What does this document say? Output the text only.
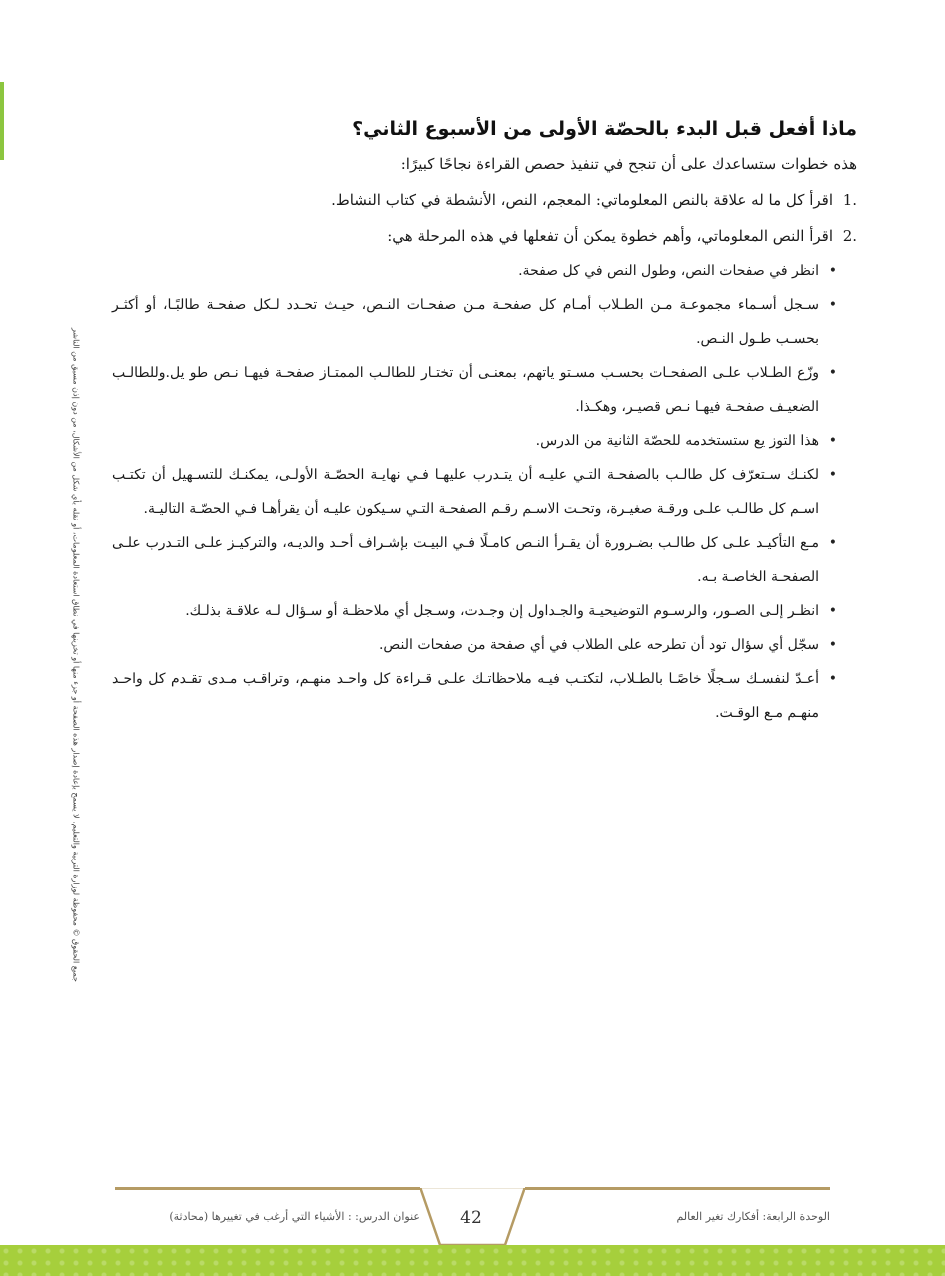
جميع الحقوق © محفوظة لوزارة التربية والتعليم. لا يسمح بإعادة إصدار هذه الصفحة أو جزء منها أو تخزينها في نطاق استعادة المعلومات، أو نقله بأي شكل من الأشكال، من دون إذن مسبق من الناشر
ماذا أفعل قبل البدء بالحصّة الأولى من الأسبوع الثاني؟

هذه خطوات ستساعدك على أن تنجح في تنفيذ حصص القراءة نجاحًا كبيرًا:

1.
اقرأ كل ما له علاقة بالنص المعلوماتي: المعجم، النص، الأنشطة في كتاب النشاط.
2.
اقرأ النص المعلوماتي، وأهم خطوة يمكن أن تفعلها في هذه المرحلة هي:
• انظر في صفحات النص، وطول النص في كل صفحة.
• سـجل أسـماء مجموعـة مـن الطـلاب أمـام كل صفحـة مـن صفحـات النـص، حيـث تحـدد لـكل صفحـة طالبًـا، أو أكثـر بحسـب طـول النـص.
• وزّع الطـلاب علـى الصفحـات بحسـب مسـتو ياتهم، بمعنـى أن تختـار للطالـب الممتـاز صفحـة فيهـا نـص طو يل.وللطالـب الضعيـف صفحـة فيهـا نـص قصيـر، وهكـذا.
• هذا التوز يع ستستخدمه للحصّة الثانية من الدرس.
• لكنـك سـتعرّف كل طالـب بالصفحـة التـي عليـه أن يتـدرب عليهـا فـي نهايـة الحصّـة الأولـى، يمكنـك للتسـهيل أن تكتـب اسـم كل طالـب علـى ورقـة صغيـرة، وتحـت الاسـم رقـم الصفحـة التـي سـيكون عليـه أن يقرأهـا فـي الحصّـة التاليـة.
• مـع التأكيـد علـى كل طالـب بضـرورة أن يقـرأ النـص كامـلًا فـي البيـت بإشـراف أحـد والديـه، والتركيـز علـى التـدرب علـى الصفحـة الخاصـة بـه.
• انظـر إلـى الصـور، والرسـوم التوضيحيـة والجـداول إن وجـدت، وسـجل أي ملاحظـة أو سـؤال لـه علاقـة بذلـك.
• سجّل أي سؤال تود أن تطرحه على الطلاب في أي صفحة من صفحات النص.
• أعـدّ لنفسـك سـجلًا خاصًـا بالطـلاب، لتكتـب فيـه ملاحظاتـك علـى قـراءة كل واحـد منهـم، وتراقـب مـدى تقـدم كل واحـد منهـم مـع الوقـت.
عنوان الدرس: : الأشياء التي أرغب في تغييرها (محادثة)	42	الوحدة الرابعة: أفكارك تغير العالم
